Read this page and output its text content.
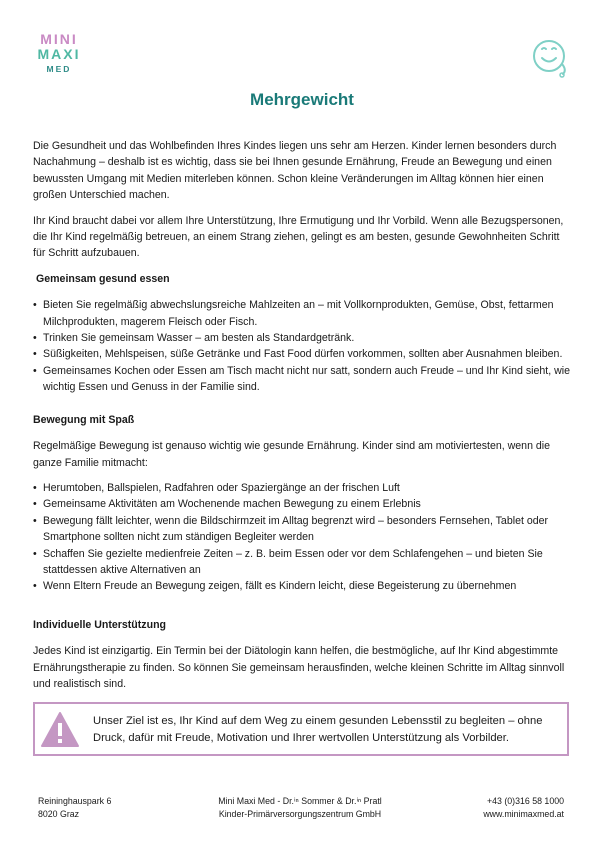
MINI
MAXI
MED
Mehrgewicht

Die Gesundheit und das Wohlbefinden Ihres Kindes liegen uns sehr am Herzen. Kinder lernen besonders durch Nachahmung – deshalb ist es wichtig, dass sie bei Ihnen gesunde Ernährung, Freude an Bewegung und einen bewussten Umgang mit Medien miterleben können. Schon kleine Veränderungen im Alltag können hier einen großen Unterschied machen.

Ihr Kind braucht dabei vor allem Ihre Unterstützung, Ihre Ermutigung und Ihr Vorbild. Wenn alle Bezugspersonen, die Ihr Kind regelmäßig betreuen, an einem Strang ziehen, gelingt es am besten, gesunde Gewohnheiten Schritt für Schritt aufzubauen.

Gemeinsam gesund essen
• Bieten Sie regelmäßig abwechslungsreiche Mahlzeiten an – mit Vollkornprodukten, Gemüse, Obst, fettarmen Milchprodukten, magerem Fleisch oder Fisch.
• Trinken Sie gemeinsam Wasser – am besten als Standardgetränk.
• Süßigkeiten, Mehlspeisen, süße Getränke und Fast Food dürfen vorkommen, sollten aber Ausnahmen bleiben.
• Gemeinsames Kochen oder Essen am Tisch macht nicht nur satt, sondern auch Freude – und Ihr Kind sieht, wie wichtig Essen und Genuss in der Familie sind.
Bewegung mit Spaß

Regelmäßige Bewegung ist genauso wichtig wie gesunde Ernährung. Kinder sind am motiviertesten, wenn die ganze Familie mitmacht:

• Herumtoben, Ballspielen, Radfahren oder Spaziergänge an der frischen Luft
• Gemeinsame Aktivitäten am Wochenende machen Bewegung zu einem Erlebnis
• Bewegung fällt leichter, wenn die Bildschirmzeit im Alltag begrenzt wird – besonders Fernsehen, Tablet oder Smartphone sollten nicht zum ständigen Begleiter werden
• Schaffen Sie gezielte medienfreie Zeiten – z. B. beim Essen oder vor dem Schlafengehen – und bieten Sie stattdessen aktive Alternativen an
• Wenn Eltern Freude an Bewegung zeigen, fällt es Kindern leicht, diese Begeisterung zu übernehmen
Individuelle Unterstützung

Jedes Kind ist einzigartig. Ein Termin bei der Diätologin kann helfen, die bestmögliche, auf Ihr Kind abgestimmte Ernährungstherapie zu finden. So können Sie gemeinsam herausfinden, welche kleinen Schritte im Alltag sinnvoll und realistisch sind.

Unser Ziel ist es, Ihr Kind auf dem Weg zu einem gesunden Lebensstil zu begleiten – ohne Druck, dafür mit Freude, Motivation und Ihrer wertvollen Unterstützung als Vorbilder.
Reininghauspark 6
8020 Graz
Mini Maxi Med - Dr.ⁱⁿ Sommer & Dr.ⁱⁿ Pratl
Kinder-Primärversorgungszentrum GmbH
+43 (0)316 58 1000
www.minimaxmed.at
